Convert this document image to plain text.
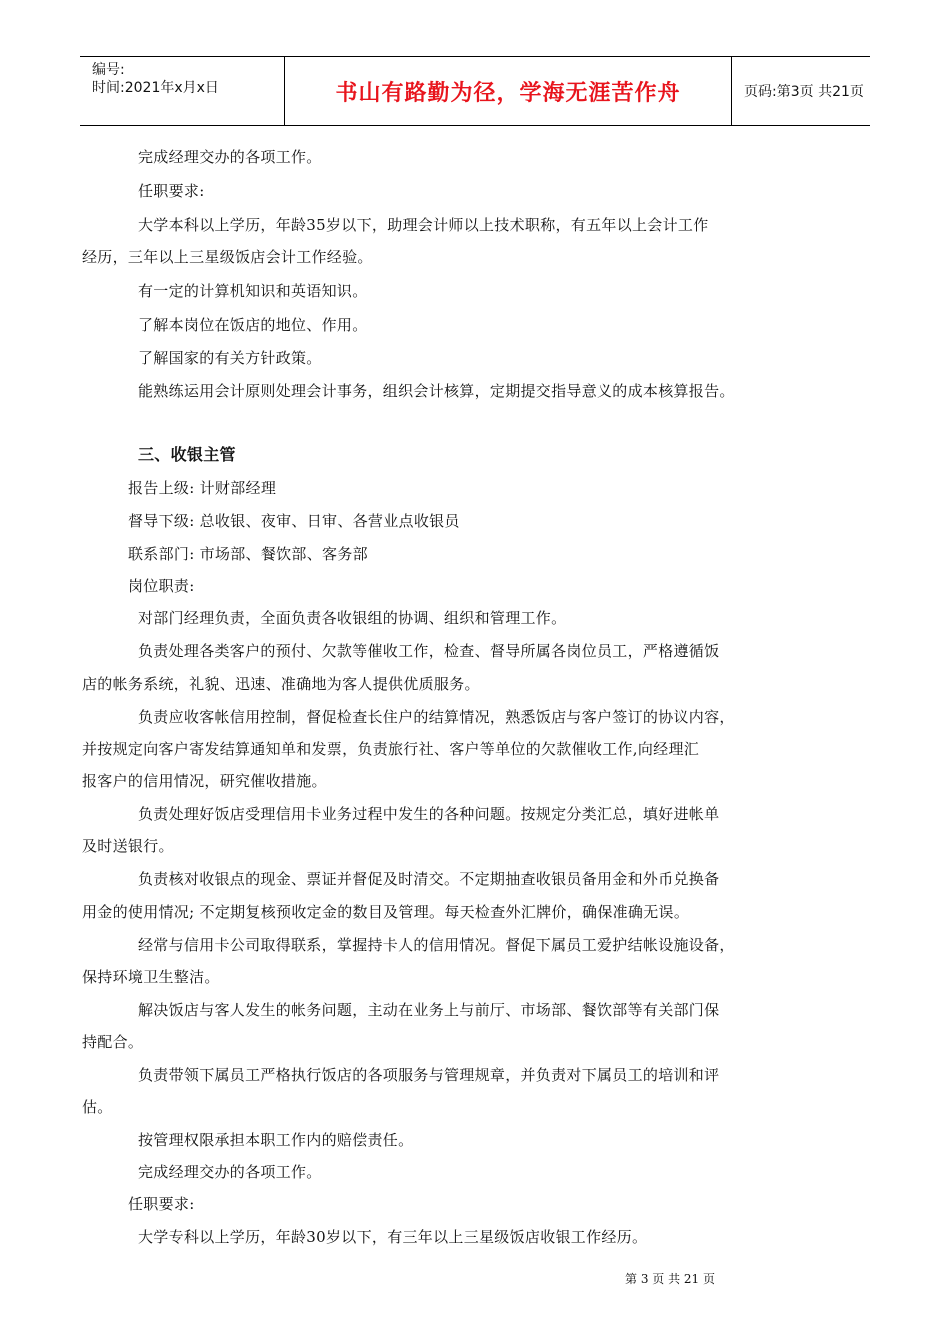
编号:
时间:2021年x月x日	书山有路勤为径，学海无涯苦作舟	页码:第3页 共21页
完成经理交办的各项工作。
任职要求:
大学本科以上学历，年龄35岁以下，助理会计师以上技术职称，有五年以上会计工作
经历，三年以上三星级饭店会计工作经验。
有一定的计算机知识和英语知识。
了解本岗位在饭店的地位、作用。
了解国家的有关方针政策。
能熟练运用会计原则处理会计事务，组织会计核算，定期提交指导意义的成本核算报告。
三、收银主管
报告上级: 计财部经理
督导下级: 总收银、夜审、日审、各营业点收银员
联系部门: 市场部、餐饮部、客务部
岗位职责:
对部门经理负责，全面负责各收银组的协调、组织和管理工作。
负责处理各类客户的预付、欠款等催收工作，检查、督导所属各岗位员工，严格遵循饭
店的帐务系统，礼貌、迅速、准确地为客人提供优质服务。
负责应收客帐信用控制，督促检查长住户的结算情况，熟悉饭店与客户签订的协议内容，
并按规定向客户寄发结算通知单和发票，负责旅行社、客户等单位的欠款催收工作,向经理汇
报客户的信用情况，研究催收措施。
负责处理好饭店受理信用卡业务过程中发生的各种问题。按规定分类汇总，填好进帐单
及时送银行。
负责核对收银点的现金、票证并督促及时清交。不定期抽查收银员备用金和外币兑换备
用金的使用情况; 不定期复核预收定金的数目及管理。每天检查外汇牌价，确保准确无误。
经常与信用卡公司取得联系，掌握持卡人的信用情况。督促下属员工爱护结帐设施设备，
保持环境卫生整洁。
解决饭店与客人发生的帐务问题，主动在业务上与前厅、市场部、餐饮部等有关部门保
持配合。
负责带领下属员工严格执行饭店的各项服务与管理规章，并负责对下属员工的培训和评
估。
按管理权限承担本职工作内的赔偿责任。
完成经理交办的各项工作。
任职要求:
大学专科以上学历，年龄30岁以下，有三年以上三星级饭店收银工作经历。
第 3 页 共 21 页
